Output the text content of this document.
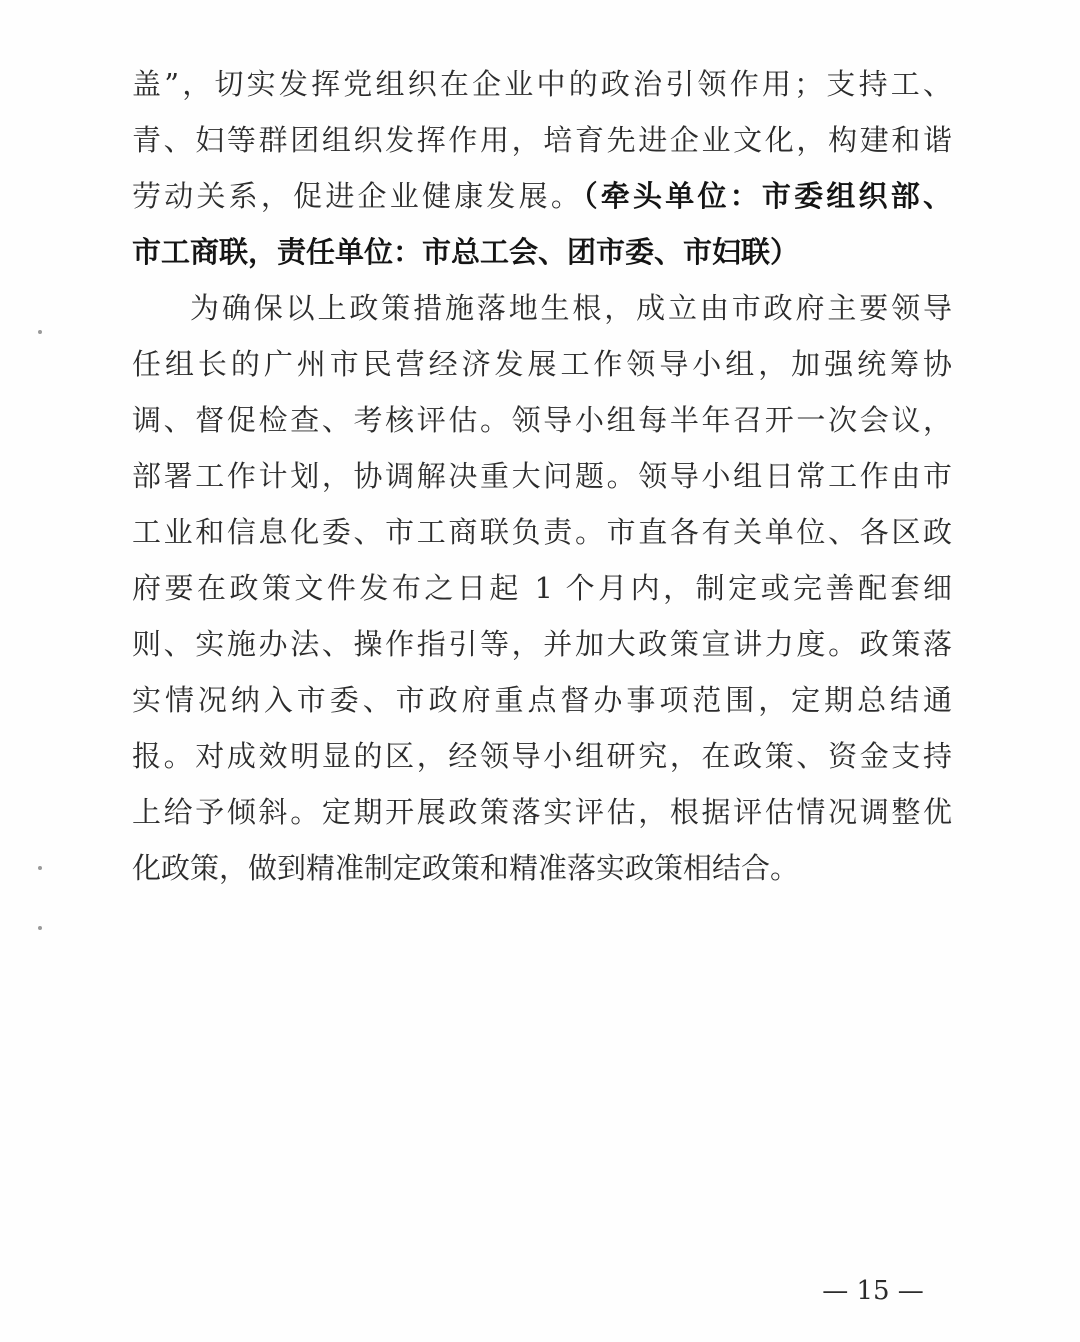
盖”，切实发挥党组织在企业中的政治引领作用；支持工、
青、妇等群团组织发挥作用，培育先进企业文化，构建和谐
劳动关系，促进企业健康发展。（牵头单位：市委组织部、
市工商联，责任单位：市总工会、团市委、市妇联）
为确保以上政策措施落地生根，成立由市政府主要领导
任组长的广州市民营经济发展工作领导小组，加强统筹协
调、督促检查、考核评估。领导小组每半年召开一次会议，
部署工作计划，协调解决重大问题。领导小组日常工作由市
工业和信息化委、市工商联负责。市直各有关单位、各区政
府要在政策文件发布之日起 1 个月内，制定或完善配套细
则、实施办法、操作指引等，并加大政策宣讲力度。政策落
实情况纳入市委、市政府重点督办事项范围，定期总结通
报。对成效明显的区，经领导小组研究，在政策、资金支持
上给予倾斜。定期开展政策落实评估，根据评估情况调整优
化政策，做到精准制定政策和精准落实政策相结合。
— 15 —
